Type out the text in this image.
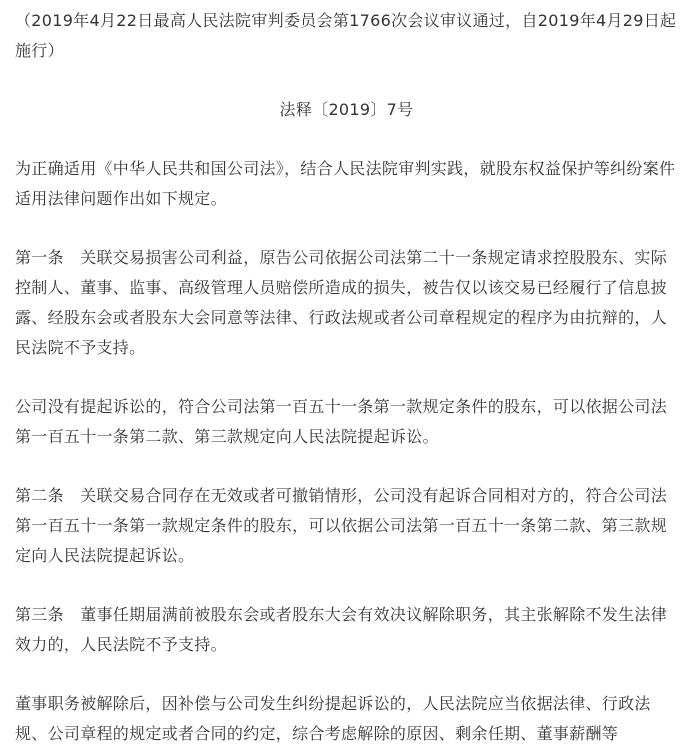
（2019年4月22日最高人民法院审判委员会第1766次会议审议通过，自2019年4月29日起施行）

法释〔2019〕7号

为正确适用《中华人民共和国公司法》，结合人民法院审判实践，就股东权益保护等纠纷案件适用法律问题作出如下规定。

第一条　关联交易损害公司利益，原告公司依据公司法第二十一条规定请求控股股东、实际控制人、董事、监事、高级管理人员赔偿所造成的损失，被告仅以该交易已经履行了信息披露、经股东会或者股东大会同意等法律、行政法规或者公司章程规定的程序为由抗辩的，人民法院不予支持。

公司没有提起诉讼的，符合公司法第一百五十一条第一款规定条件的股东，可以依据公司法第一百五十一条第二款、第三款规定向人民法院提起诉讼。

第二条　关联交易合同存在无效或者可撤销情形，公司没有起诉合同相对方的，符合公司法第一百五十一条第一款规定条件的股东，可以依据公司法第一百五十一条第二款、第三款规定向人民法院提起诉讼。

第三条　董事任期届满前被股东会或者股东大会有效决议解除职务，其主张解除不发生法律效力的，人民法院不予支持。

董事职务被解除后，因补偿与公司发生纠纷提起诉讼的，人民法院应当依据法律、行政法规、公司章程的规定或者合同的约定，综合考虑解除的原因、剩余任期、董事薪酬等
